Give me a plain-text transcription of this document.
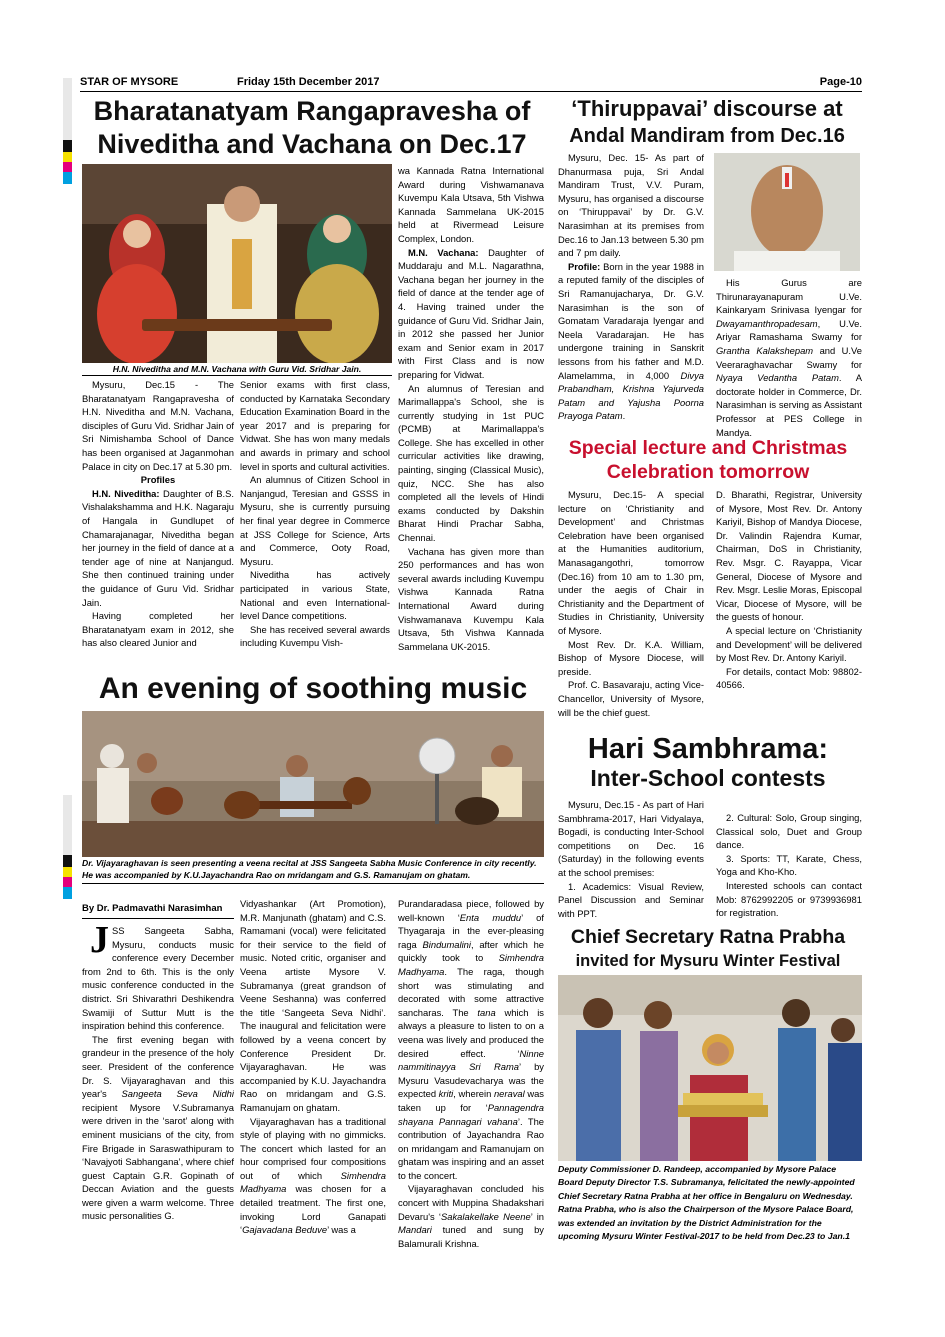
STAR OF MYSORE	Friday 15th December 2017	Page-10
Bharatanatyam Rangapravesha of Niveditha and Vachana on Dec.17
H.N. Niveditha and M.N. Vachana with Guru Vid. Sridhar Jain.

Mysuru, Dec.15 - The Bharatanatyam Rangapravesha of H.N. Niveditha and M.N. Vachana, disciples of Guru Vid. Sridhar Jain of Sri Nimishamba School of Dance has been organised at Jaganmohan Palace in city on Dec.17 at 5.30 pm.

Profiles

H.N. Niveditha: Daughter of B.S. Vishalakshamma and H.K. Nagaraju of Hangala in Gundlupet of Chamarajanagar, Niveditha began her journey in the field of dance at a tender age of nine at Nanjangud. She then continued training under the guidance of Guru Vid. Sridhar Jain.

Having completed her Bharatanatyam exam in 2012, she has also cleared Junior and

Senior exams with first class, conducted by Karnataka Secondary Education Examination Board in the year 2017 and is preparing for Vidwat. She has won many medals and awards in primary and school level in sports and cultural activities.

An alumnus of Citizen School in Nanjangud, Teresian and GSSS in Mysuru, she is currently pursuing her final year degree in Commerce at JSS College for Science, Arts and Commerce, Ooty Road, Mysuru.

Niveditha has actively participated in various State, National and even International-level Dance competitions.

She has received several awards including Kuvempu Vish-

wa Kannada Ratna International Award during Vishwamanava Kuvempu Kala Utsava, 5th Vishwa Kannada Sammelana UK-2015 held at Rivermead Leisure Complex, London.

M.N. Vachana: Daughter of Muddaraju and M.L. Nagarathna, Vachana began her journey in the field of dance at the tender age of 4. Having trained under the guidance of Guru Vid. Sridhar Jain, in 2012 she passed her Junior exam and Senior exam in 2017 with First Class and is now preparing for Vidwat.

An alumnus of Teresian and Marimallappa's School, she is currently studying in 1st PUC (PCMB) at Marimallappa's College. She has excelled in other curricular activities like drawing, painting, singing (Classical Music), quiz, NCC. She has also completed all the levels of Hindi exams conducted by Dakshin Bharat Hindi Prachar Sabha, Chennai.

Vachana has given more than 250 performances and has won several awards including Kuvempu Vishwa Kannada Ratna International Award during Vishwamanava Kuvempu Kala Utsava, 5th Vishwa Kannada Sammelana UK-2015.

‘Thiruppavai’ discourse at
Andal Mandiram from Dec.16

Mysuru, Dec. 15- As part of Dhanurmasa puja, Sri Andal Mandiram Trust, V.V. Puram, Mysuru, has organised a discourse on ‘Thiruppavai’ by Dr. G.V. Narasimhan at its premises from Dec.16 to Jan.13 between 5.30 pm and 7 pm daily.

Profile: Born in the year 1988 in a reputed family of the disciples of Sri Ramanujacharya, Dr. G.V. Narasimhan is the son of Gomatam Varadaraja Iyengar and Neela Varadarajan. He has undergone training in Sanskrit lessons from his father and M.D. Alamelamma, in 4,000 Divya Prabandham, Krishna Yajurveda Patam and Yajusha Poorna Prayoga Patam.

His Gurus are Thirunarayanapuram U.Ve. Kainkaryam Srinivasa Iyengar for Dwayamanthropadesam, U.Ve. Ariyar Ramashama Swamy for Grantha Kalakshepam and U.Ve Veeraraghavachar Swamy for Nyaya Vedantha Patam. A doctorate holder in Commerce, Dr. Narasimhan is serving as Assistant Professor at PES College in Mandya.

Special lecture and Christmas
Celebration tomorrow

Mysuru, Dec.15- A special lecture on ‘Christianity and Development’ and Christmas Celebration have been organised at the Humanities auditorium, Manasagangothri, tomorrow (Dec.16) from 10 am to 1.30 pm, under the aegis of Chair in Christianity and the Department of Studies in Christianity, University of Mysore.

Most Rev. Dr. K.A. William, Bishop of Mysore Diocese, will preside.

Prof. C. Basavaraju, acting Vice-Chancellor, University of Mysore, will be the chief guest.

D. Bharathi, Registrar, University of Mysore, Most Rev. Dr. Antony Kariyil, Bishop of Mandya Diocese, Dr. Valindin Rajendra Kumar, Chairman, DoS in Christianity, Rev. Msgr. C. Rayappa, Vicar General, Diocese of Mysore and Rev. Msgr. Leslie Moras, Episcopal Vicar, Diocese of Mysore, will be the guests of honour.

A special lecture on ‘Christianity and Development’ will be delivered by Most Rev. Dr. Antony Kariyil.

For details, contact Mob: 98802-40566.

An evening of soothing music
Dr. Vijayaraghavan is seen presenting a veena recital at JSS Sangeeta Sabha Music Conference in city recently. He was accompanied by K.U.Jayachandra Rao on mridangam and G.S. Ramanujam on ghatam.
By Dr. Padmavathi Narasimhan

JSS Sangeeta Sabha, Mysuru, conducts music conference every December from 2nd to 6th. This is the only music conference conducted in the district. Sri Shivarathri Deshikendra Swamiji of Suttur Mutt is the inspiration behind this conference.

The first evening began with grandeur in the presence of the holy seer. President of the conference Dr. S. Vijayaraghavan and this year's Sangeeta Seva Nidhi recipient Mysore V.Subramanya were driven in the ‘sarot’ along with eminent musicians of the city, from Fire Brigade in Saraswathipuram to ‘Navajyoti Sabhangana’, where chief guest Captain G.R. Gopinath of Deccan Aviation and the guests were given a warm welcome. Three music personalities G.

Vidyashankar (Art Promotion), M.R. Manjunath (ghatam) and C.S. Ramamani (vocal) were felicitated for their service to the field of music. Noted critic, organiser and Veena artiste Mysore V. Subramanya (great grandson of Veene Seshanna) was conferred the title ‘Sangeeta Seva Nidhi’. The inaugural and felicitation were followed by a veena concert by Conference President Dr. Vijayaraghavan. He was accompanied by K.U. Jayachandra Rao on mridangam and G.S. Ramanujam on ghatam.

Vijayaraghavan has a traditional style of playing with no gimmicks. The concert which lasted for an hour comprised four compositions out of which Simhendra Madhyama was chosen for a detailed treatment. The first one, invoking Lord Ganapati ‘Gajavadana Beduve’ was a

Purandaradasa piece, followed by well-known ‘Enta muddu’ of Thyagaraja in the ever-pleasing raga Bindumalini, after which he quickly took to Simhendra Madhyama. The raga, though short was stimulating and decorated with some attractive sancharas. The tana which is always a pleasure to listen to on a veena was lively and produced the desired effect. ‘Ninne nammitinayya Sri Rama’ by Mysuru Vasudevacharya was the expected kriti, wherein neraval was taken up for ‘Pannagendra shayana Pannagari vahana’. The contribution of Jayachandra Rao on mridangam and Ramanujam on ghatam was inspiring and an asset to the concert.

Vijayaraghavan concluded his concert with Muppina Shadakshari Devaru's ‘Sakalakellake Neene’ in Mandari tuned and sung by Balamurali Krishna.

Hari Sambhrama:
Inter-School contests

Mysuru, Dec.15 - As part of Hari Sambhrama-2017, Hari Vidyalaya, Bogadi, is conducting Inter-School competitions on Dec. 16 (Saturday) in the following events at the school premises:

1. Academics: Visual Review, Panel Discussion and Seminar with PPT.

2. Cultural: Solo, Group singing, Classical solo, Duet and Group dance.

3. Sports: TT, Karate, Chess, Yoga and Kho-Kho.

Interested schools can contact Mob: 8762992205 or 9739936981 for registration.

Chief Secretary Ratna Prabha
invited for Mysuru Winter Festival
Deputy Commissioner D. Randeep, accompanied by Mysore Palace Board Deputy Director T.S. Subramanya, felicitated the newly-appointed Chief Secretary Ratna Prabha at her office in Bengaluru on Wednesday. Ratna Prabha, who is also the Chairperson of the Mysore Palace Board, was extended an invitation by the District Administration for the upcoming Mysuru Winter Festival-2017 to be held from Dec.23 to Jan.1
